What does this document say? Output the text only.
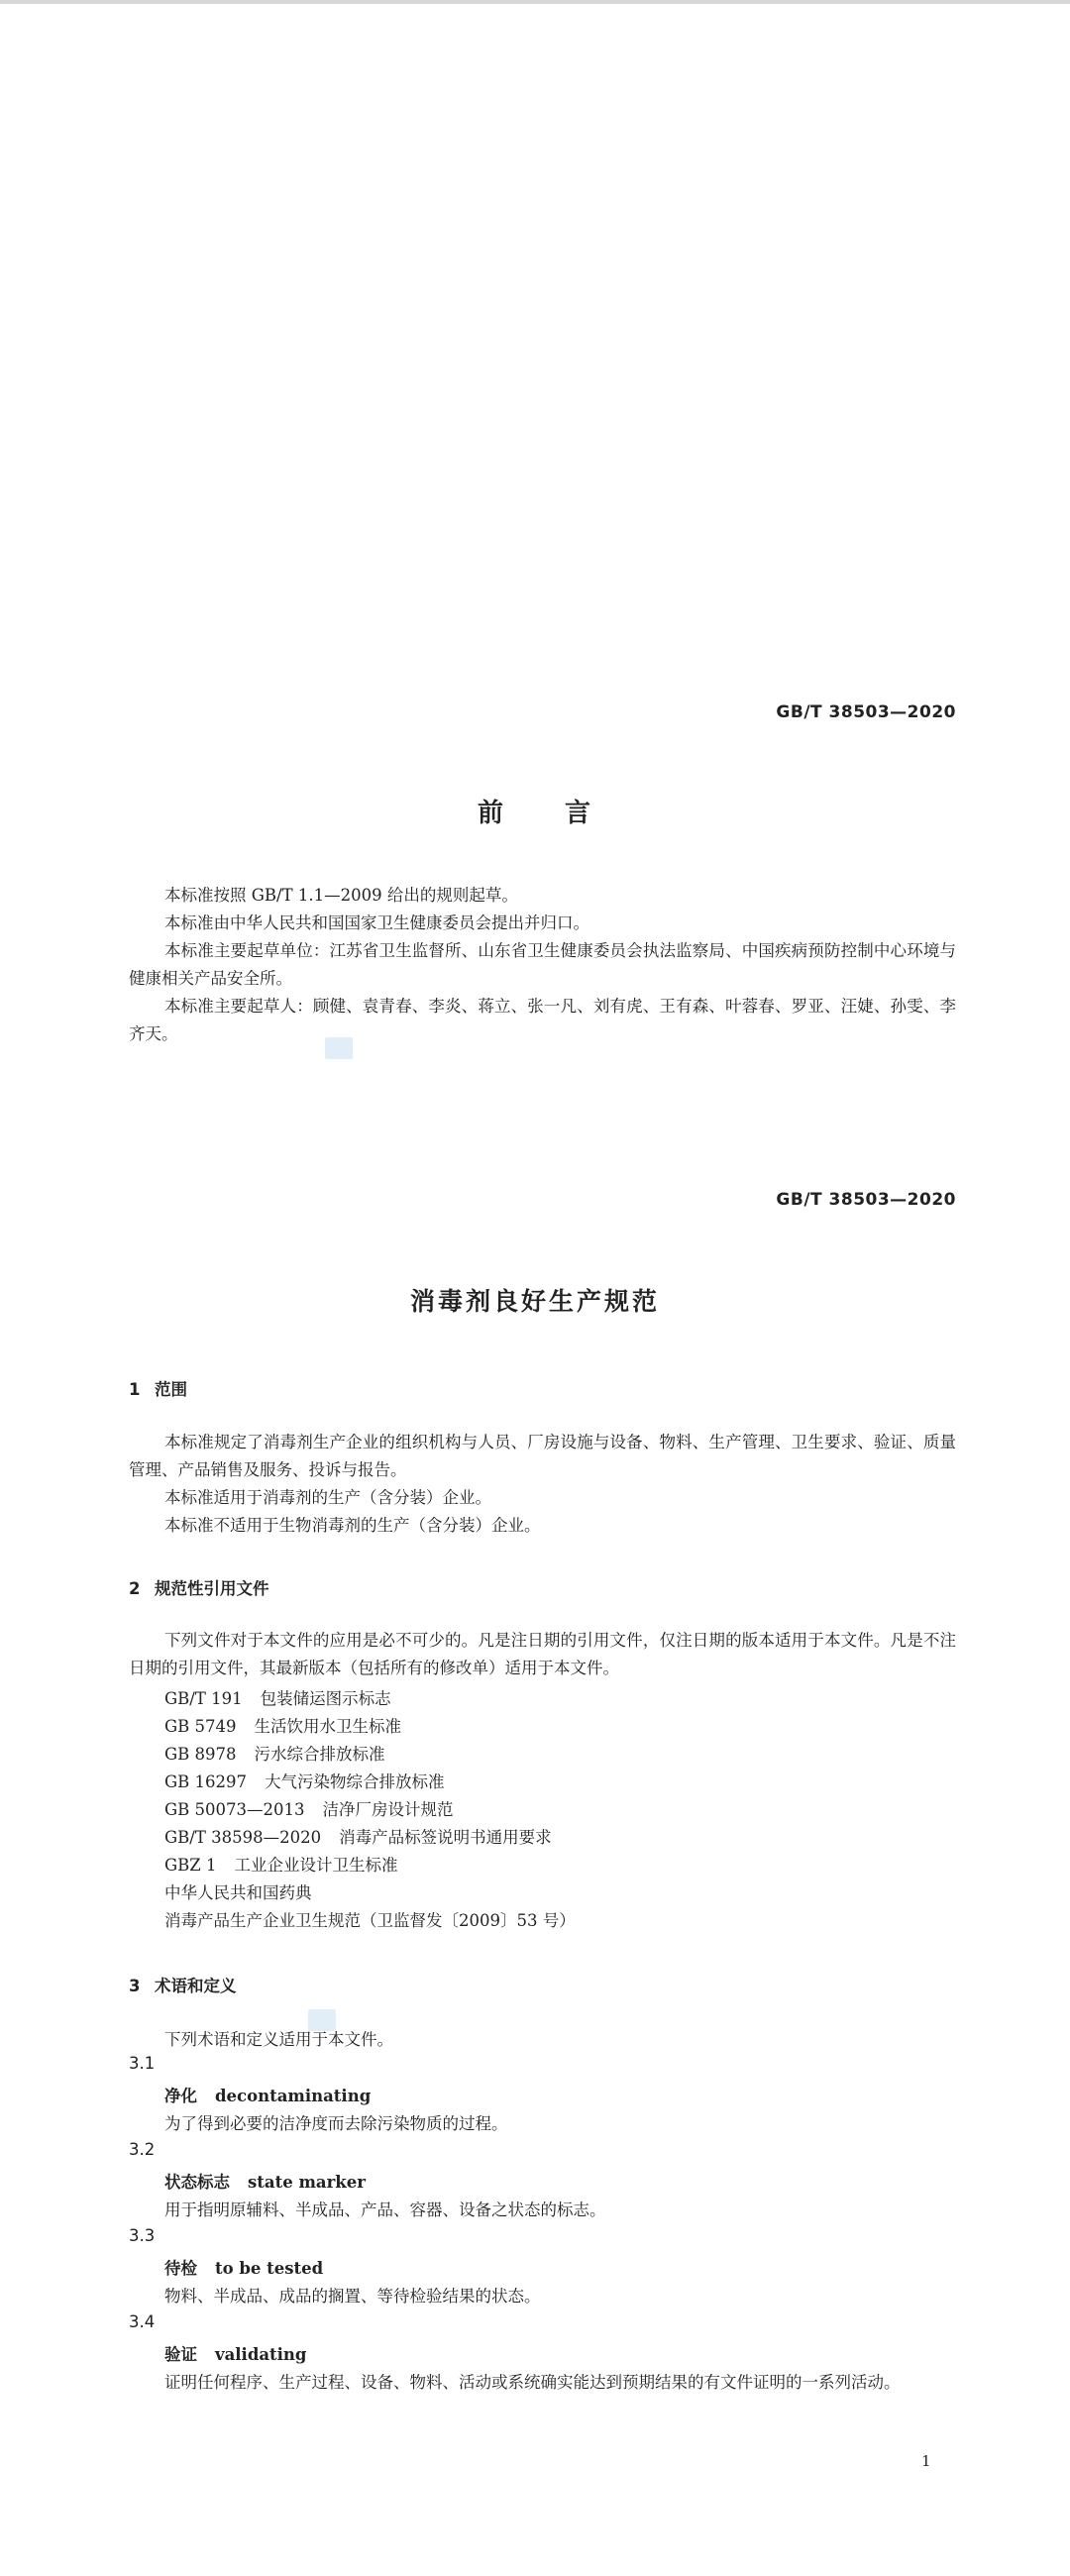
GB/T 38503—2020
前 言

本标准按照 GB/T 1.1—2009 给出的规则起草。

本标准由中华人民共和国国家卫生健康委员会提出并归口。

本标准主要起草单位：江苏省卫生监督所、山东省卫生健康委员会执法监察局、中国疾病预防控制中心环境与健康相关产品安全所。

本标准主要起草人：顾健、袁青春、李炎、蒋立、张一凡、刘有虎、王有森、叶蓉春、罗亚、汪婕、孙雯、李齐天。

GB/T 38503—2020
消毒剂良好生产规范
1 范围

本标准规定了消毒剂生产企业的组织机构与人员、厂房设施与设备、物料、生产管理、卫生要求、验证、质量管理、产品销售及服务、投诉与报告。

本标准适用于消毒剂的生产（含分装）企业。

本标准不适用于生物消毒剂的生产（含分装）企业。

2 规范性引用文件

下列文件对于本文件的应用是必不可少的。凡是注日期的引用文件，仅注日期的版本适用于本文件。凡是不注日期的引用文件，其最新版本（包括所有的修改单）适用于本文件。

GB/T 191 包装储运图示标志
GB 5749 生活饮用水卫生标准
GB 8978 污水综合排放标准
GB 16297 大气污染物综合排放标准
GB 50073—2013 洁净厂房设计规范
GB/T 38598—2020 消毒产品标签说明书通用要求
GBZ 1 工业企业设计卫生标准
中华人民共和国药典
消毒产品生产企业卫生规范（卫监督发〔2009〕53 号）
3 术语和定义
下列术语和定义适用于本文件。
3.1
净化 decontaminating
为了得到必要的洁净度而去除污染物质的过程。
3.2
状态标志 state marker
用于指明原辅料、半成品、产品、容器、设备之状态的标志。
3.3
待检 to be tested
物料、半成品、成品的搁置、等待检验结果的状态。
3.4
验证 validating

证明任何程序、生产过程、设备、物料、活动或系统确实能达到预期结果的有文件证明的一系列活动。

1
